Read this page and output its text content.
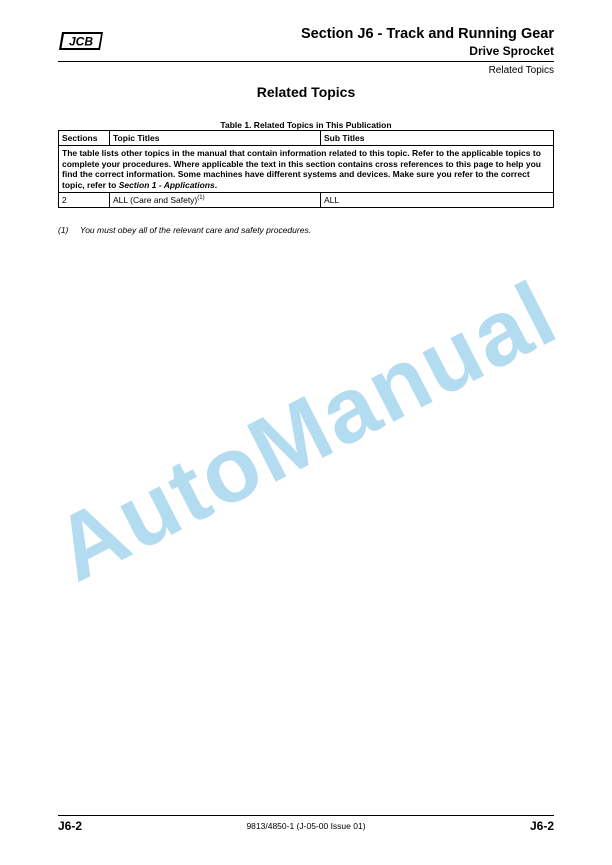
JCB	Section J6 - Track and Running Gear
Drive Sprocket
Related Topics
Related Topics
Table 1. Related Topics in This Publication
The table lists other topics in the manual that contain information related to this topic. Refer to the applicable topics to complete your procedures. Where applicable the text in this section contains cross references to this page to help you find the correct information. Some machines have different systems and devices. Make sure you refer to the correct topic, refer to Section 1 - Applications.		
Sections	Topic Titles	Sub Titles
2	ALL (Care and Safety)$^{(1)}$	ALL
(1) You must obey all of the relevant care and safety procedures.
AutoManual
J6-2	9813/4850-1 (J-05-00 Issue 01)	J6-2
